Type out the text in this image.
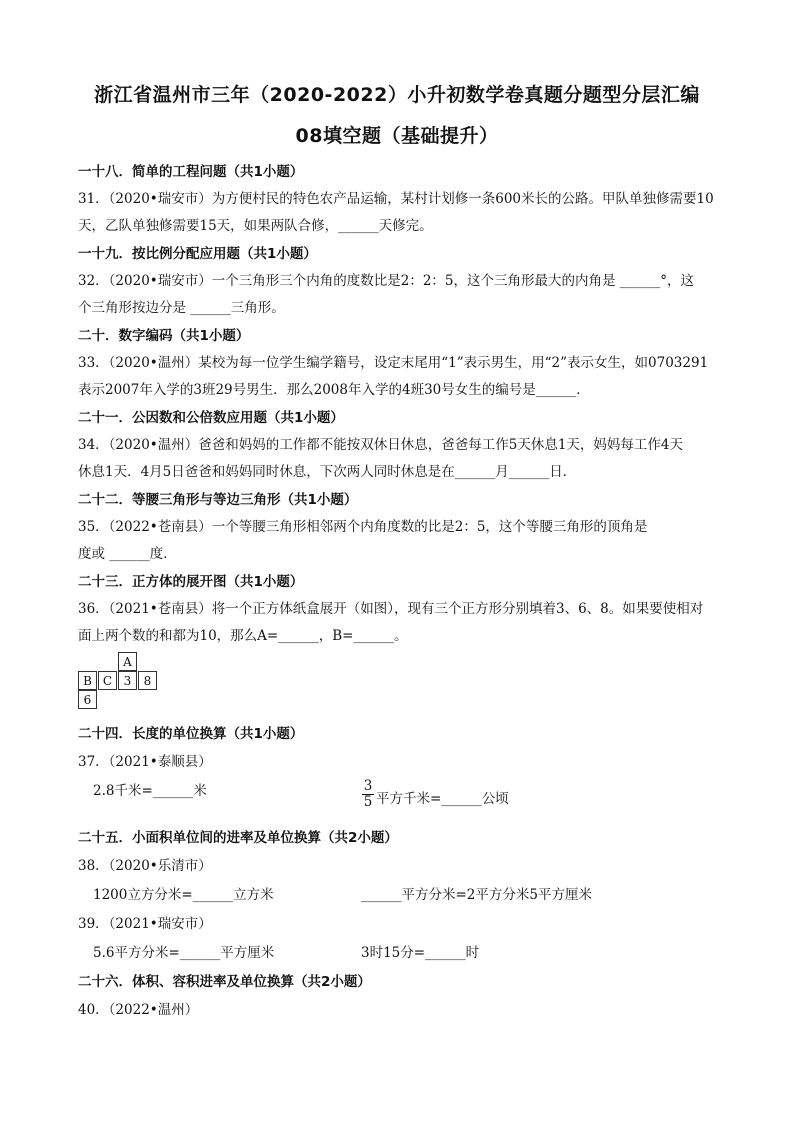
浙江省温州市三年（2020-2022）小升初数学卷真题分题型分层汇编
08填空题（基础提升）
一十八．简单的工程问题（共1小题）
31．（2020•瑞安市）为方便村民的特色农产品运输，某村计划修一条600米长的公路。甲队单独修需要10
天，乙队单独修需要15天，如果两队合修，______天修完。
一十九．按比例分配应用题（共1小题）
32．（2020•瑞安市）一个三角形三个内角的度数比是2：2：5，这个三角形最大的内角是 ______°，这
个三角形按边分是 ______三角形。
二十．数字编码（共1小题）
33．（2020•温州）某校为每一位学生编学籍号，设定末尾用“1”表示男生，用“2”表示女生，如0703291
表示2007年入学的3班29号男生．那么2008年入学的4班30号女生的编号是______．
二十一．公因数和公倍数应用题（共1小题）
34．（2020•温州）爸爸和妈妈的工作都不能按双休日休息，爸爸每工作5天休息1天，妈妈每工作4天
休息1天．4月5日爸爸和妈妈同时休息，下次两人同时休息是在______月______日．
二十二．等腰三角形与等边三角形（共1小题）
35．（2022•苍南县）一个等腰三角形相邻两个内角度数的比是2：5，这个等腰三角形的顶角是
度或 ______度．
二十三．正方体的展开图（共1小题）
36．（2021•苍南县）将一个正方体纸盒展开（如图），现有三个正方形分别填着3、6、8。如果要使相对
面上两个数的和都为10，那么A=______，B=______。
A
B C 3	8
6
二十四．长度的单位换算（共1小题）
37．（2021•泰顺县）
2.8千米=______米	$\frac{3}{5}$ 平方千米=______公顷
二十五．小面积单位间的进率及单位换算（共2小题）
38．（2020•乐清市）
1200立方分米=______立方米	______平方分米=2平方分米5平方厘米
39．（2021•瑞安市）
5.6平方分米=______平方厘米	3时15分=______时
二十六．体积、容积进率及单位换算（共2小题）
40．（2022•温州）
